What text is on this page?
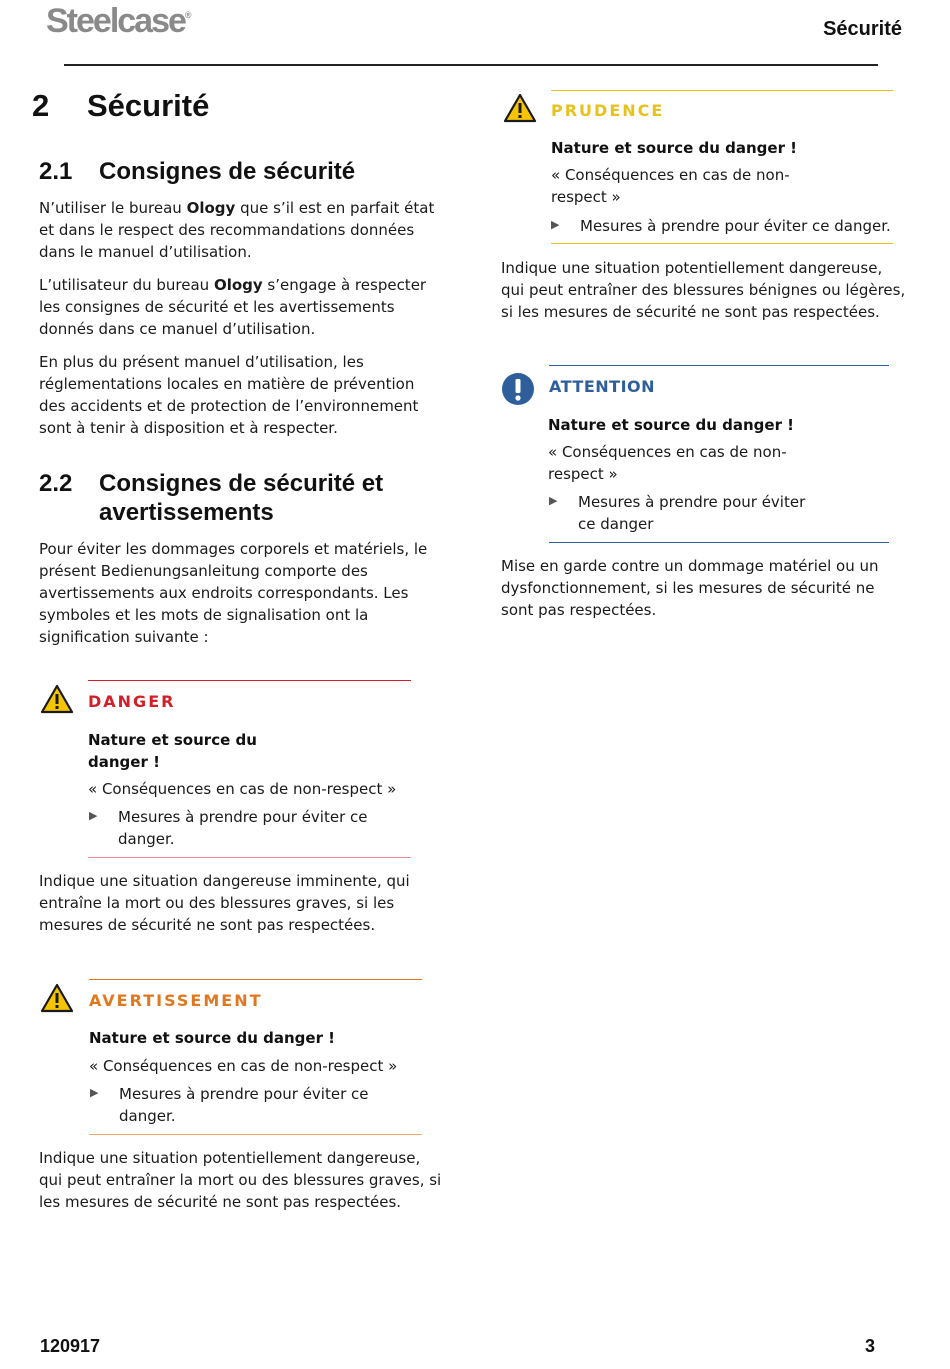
Steelcase®
Sécurité
2 Sécurité
2.1 Consignes de sécurité

N’utiliser le bureau Ology que s’il est en parfait état et dans le respect des recommandations données dans le manuel d’utilisation.

L’utilisateur du bureau Ology s’engage à respecter les consignes de sécurité et les avertissements donnés dans ce manuel d’utilisation.

En plus du présent manuel d’utilisation, les réglementations locales en matière de prévention des accidents et de protection de l’environnement sont à tenir à disposition et à respecter.

2.2 Consignes de sécurité et
avertissements

Pour éviter les dommages corporels et matériels, le présent Bedienungsanleitung comporte des avertissements aux endroits correspondants. Les symboles et les mots de signalisation ont la signification suivante :

DANGER
Nature et source du
danger !
« Conséquences en cas de non-respect »
▶ Mesures à prendre pour éviter ce
danger.

Indique une situation dangereuse imminente, qui entraîne la mort ou des blessures graves, si les mesures de sécurité ne sont pas respectées.

AVERTISSEMENT
Nature et source du danger !
« Conséquences en cas de non-respect »
▶ Mesures à prendre pour éviter ce
danger.

Indique une situation potentiellement dangereuse, qui peut entraîner la mort ou des blessures graves, si les mesures de sécurité ne sont pas respectées.

PRUDENCE
Nature et source du danger !
« Conséquences en cas de non-
respect »
▶ Mesures à prendre pour éviter ce danger.

Indique une situation potentiellement dangereuse, qui peut entraîner des blessures bénignes ou légères, si les mesures de sécurité ne sont pas respectées.

ATTENTION
Nature et source du danger !
« Conséquences en cas de non-
respect »
▶ Mesures à prendre pour éviter
ce danger

Mise en garde contre un dommage matériel ou un dysfonctionnement, si les mesures de sécurité ne sont pas respectées.

120917	3
